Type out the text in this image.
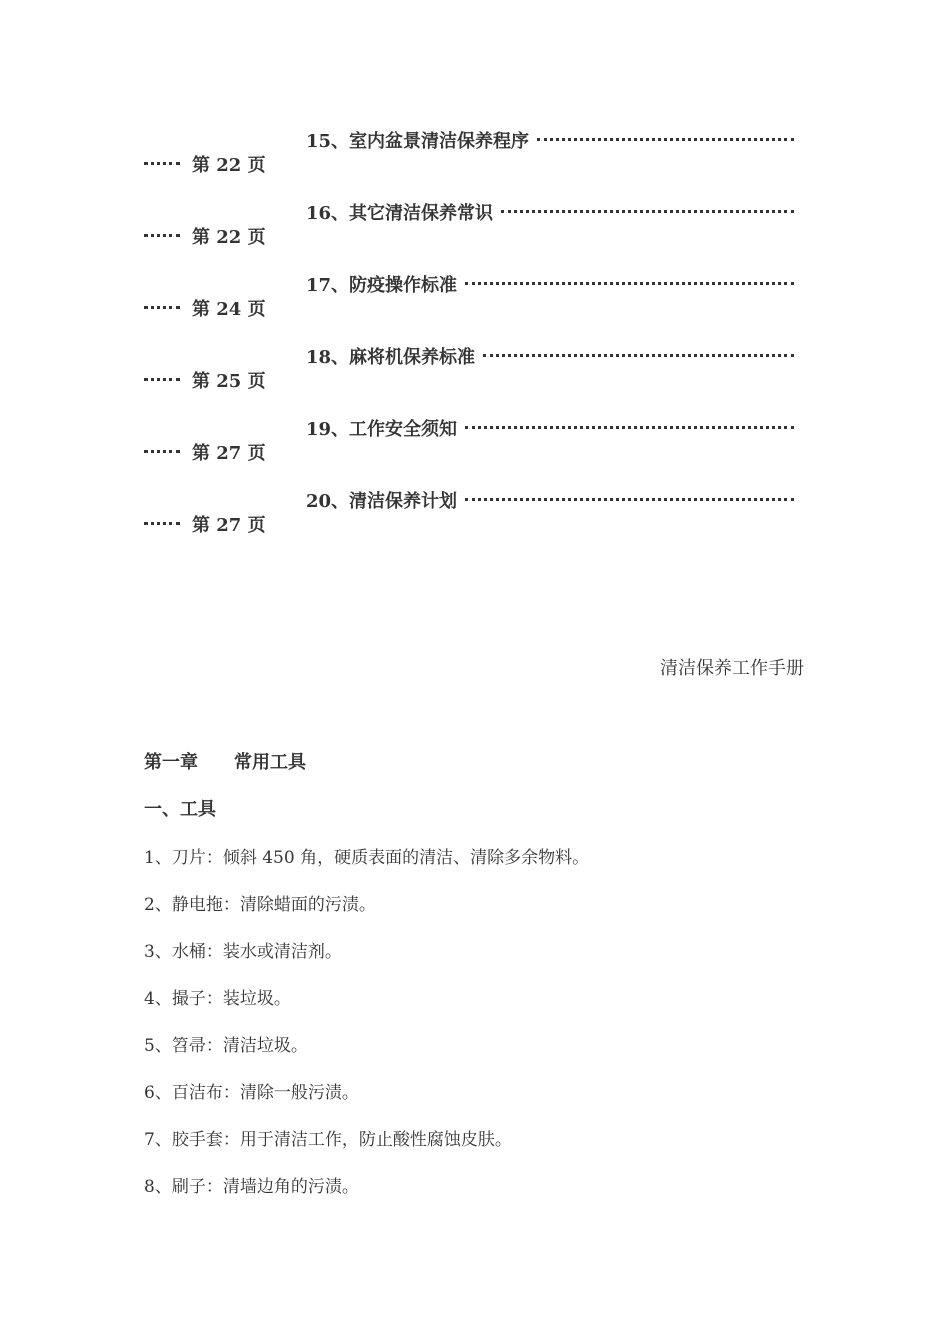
15、室内盆景清洁保养程序
第 22 页
16、其它清洁保养常识
第 22 页
17、防疫操作标准
第 24 页
18、麻将机保养标准
第 25 页
19、工作安全须知
第 27 页
20、清洁保养计划
第 27 页
清洁保养工作手册
第一章　　常用工具
一、工具
1、刀片：倾斜 450 角，硬质表面的清洁、清除多余物料。
2、静电拖：清除蜡面的污渍。
3、水桶：装水或清洁剂。
4、撮子：装垃圾。
5、笤帚：清洁垃圾。
6、百洁布：清除一般污渍。
7、胶手套：用于清洁工作，防止酸性腐蚀皮肤。
8、刷子：清墙边角的污渍。
